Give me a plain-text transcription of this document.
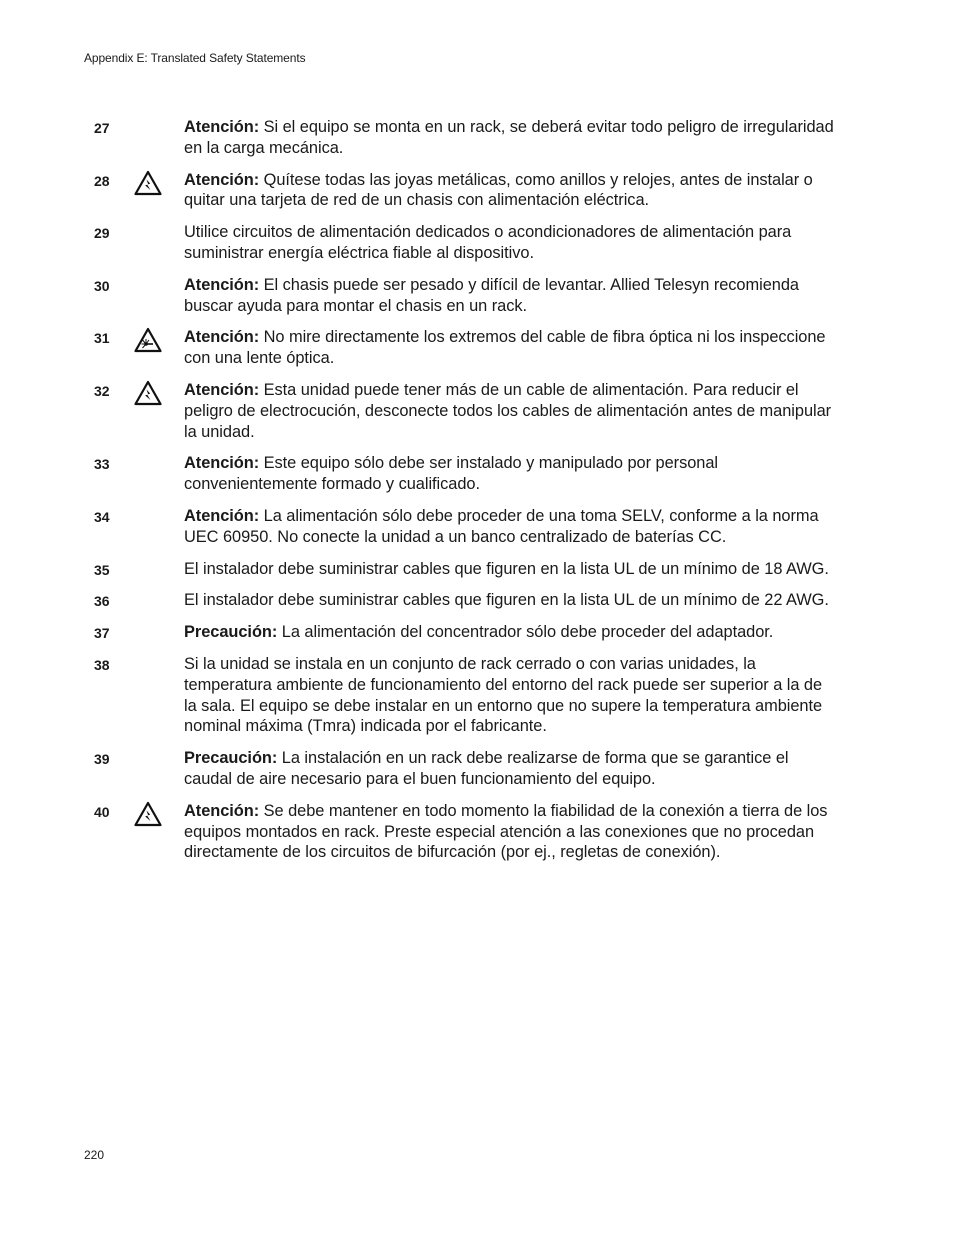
Appendix E: Translated Safety Statements
27	Atención: Si el equipo se monta en un rack, se deberá evitar todo peligro de irregularidad en la carga mecánica.
28	Atención: Quítese todas las joyas metálicas, como anillos y relojes, antes de instalar o quitar una tarjeta de red de un chasis con alimentación eléctrica.
29	Utilice circuitos de alimentación dedicados o acondicionadores de alimentación para suministrar energía eléctrica fiable al dispositivo.
30	Atención: El chasis puede ser pesado y difícil de levantar. Allied Telesyn recomienda buscar ayuda para montar el chasis en un rack.
31	Atención: No mire directamente los extremos del cable de fibra óptica ni los inspeccione con una lente óptica.
32	Atención: Esta unidad puede tener más de un cable de alimentación. Para reducir el peligro de electrocución, desconecte todos los cables de alimentación antes de manipular la unidad.
33	Atención: Este equipo sólo debe ser instalado y manipulado por personal convenientemente formado y cualificado.
34	Atención: La alimentación sólo debe proceder de una toma SELV, conforme a la norma UEC 60950. No conecte la unidad a un banco centralizado de baterías CC.
35	El instalador debe suministrar cables que figuren en la lista UL de un mínimo de 18 AWG.
36	El instalador debe suministrar cables que figuren en la lista UL de un mínimo de 22 AWG.
37	Precaución: La alimentación del concentrador sólo debe proceder del adaptador.
38	Si la unidad se instala en un conjunto de rack cerrado o con varias unidades, la temperatura ambiente de funcionamiento del entorno del rack puede ser superior a la de la sala. El equipo se debe instalar en un entorno que no supere la temperatura ambiente nominal máxima (Tmra) indicada por el fabricante.
39	Precaución: La instalación en un rack debe realizarse de forma que se garantice el caudal de aire necesario para el buen funcionamiento del equipo.
40	Atención: Se debe mantener en todo momento la fiabilidad de la conexión a tierra de los equipos montados en rack. Preste especial atención a las conexiones que no procedan directamente de los circuitos de bifurcación (por ej., regletas de conexión).
220
